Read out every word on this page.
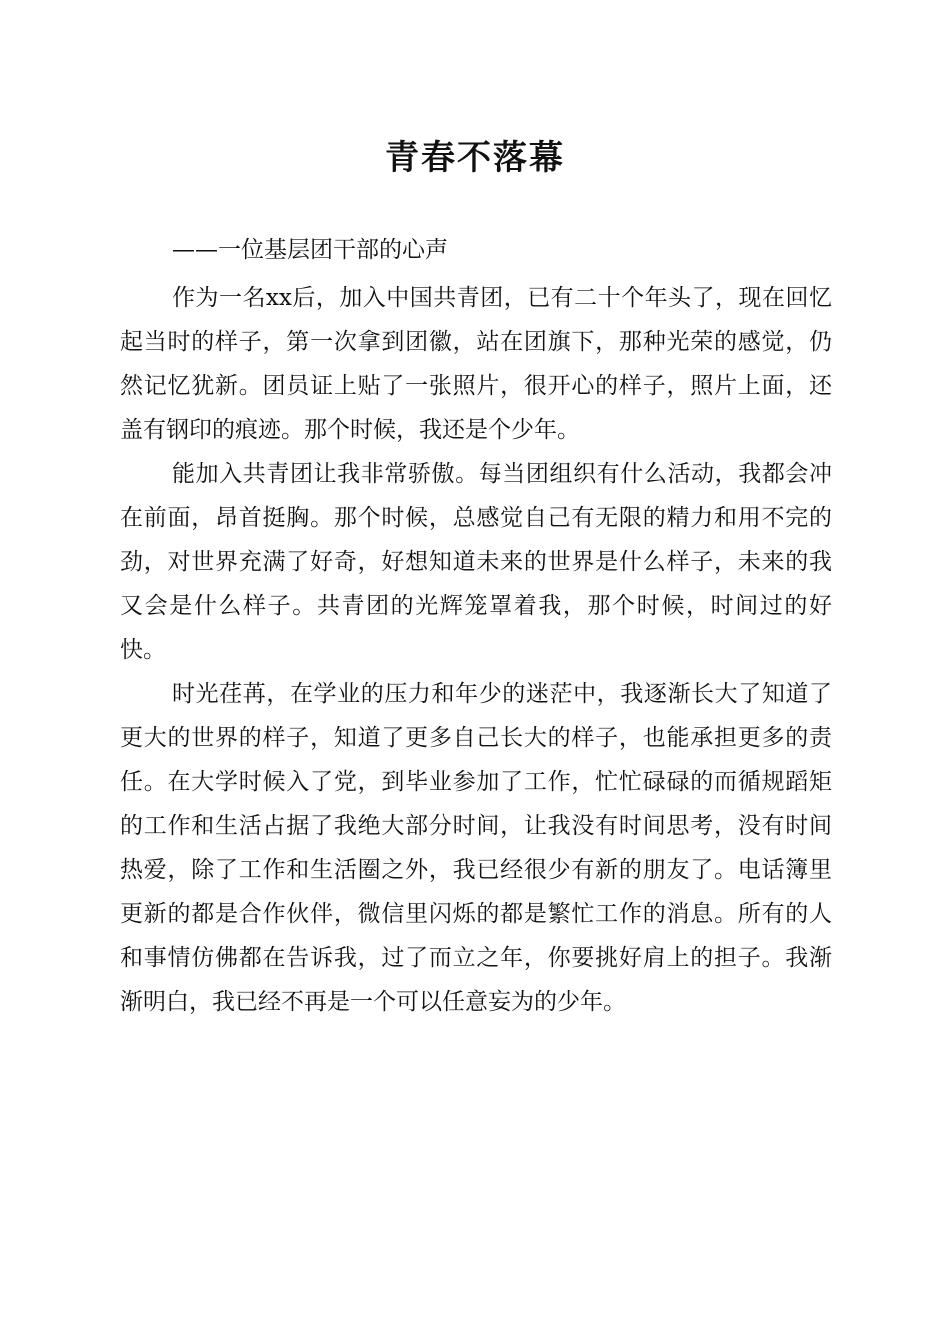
青春不落幕
——一位基层团干部的心声

作为一名xx后，加入中国共青团，已有二十个年头了，现在回忆起当时的样子，第一次拿到团徽，站在团旗下，那种光荣的感觉，仍然记忆犹新。团员证上贴了一张照片，很开心的样子，照片上面，还盖有钢印的痕迹。那个时候，我还是个少年。

能加入共青团让我非常骄傲。每当团组织有什么活动，我都会冲在前面，昂首挺胸。那个时候，总感觉自己有无限的精力和用不完的劲，对世界充满了好奇，好想知道未来的世界是什么样子，未来的我又会是什么样子。共青团的光辉笼罩着我，那个时候，时间过的好快。

时光荏苒，在学业的压力和年少的迷茫中，我逐渐长大了知道了更大的世界的样子，知道了更多自己长大的样子，也能承担更多的责任。在大学时候入了党，到毕业参加了工作，忙忙碌碌的而循规蹈矩的工作和生活占据了我绝大部分时间，让我没有时间思考，没有时间热爱，除了工作和生活圈之外，我已经很少有新的朋友了。电话簿里更新的都是合作伙伴，微信里闪烁的都是繁忙工作的消息。所有的人和事情仿佛都在告诉我，过了而立之年，你要挑好肩上的担子。我渐渐明白，我已经不再是一个可以任意妄为的少年。
